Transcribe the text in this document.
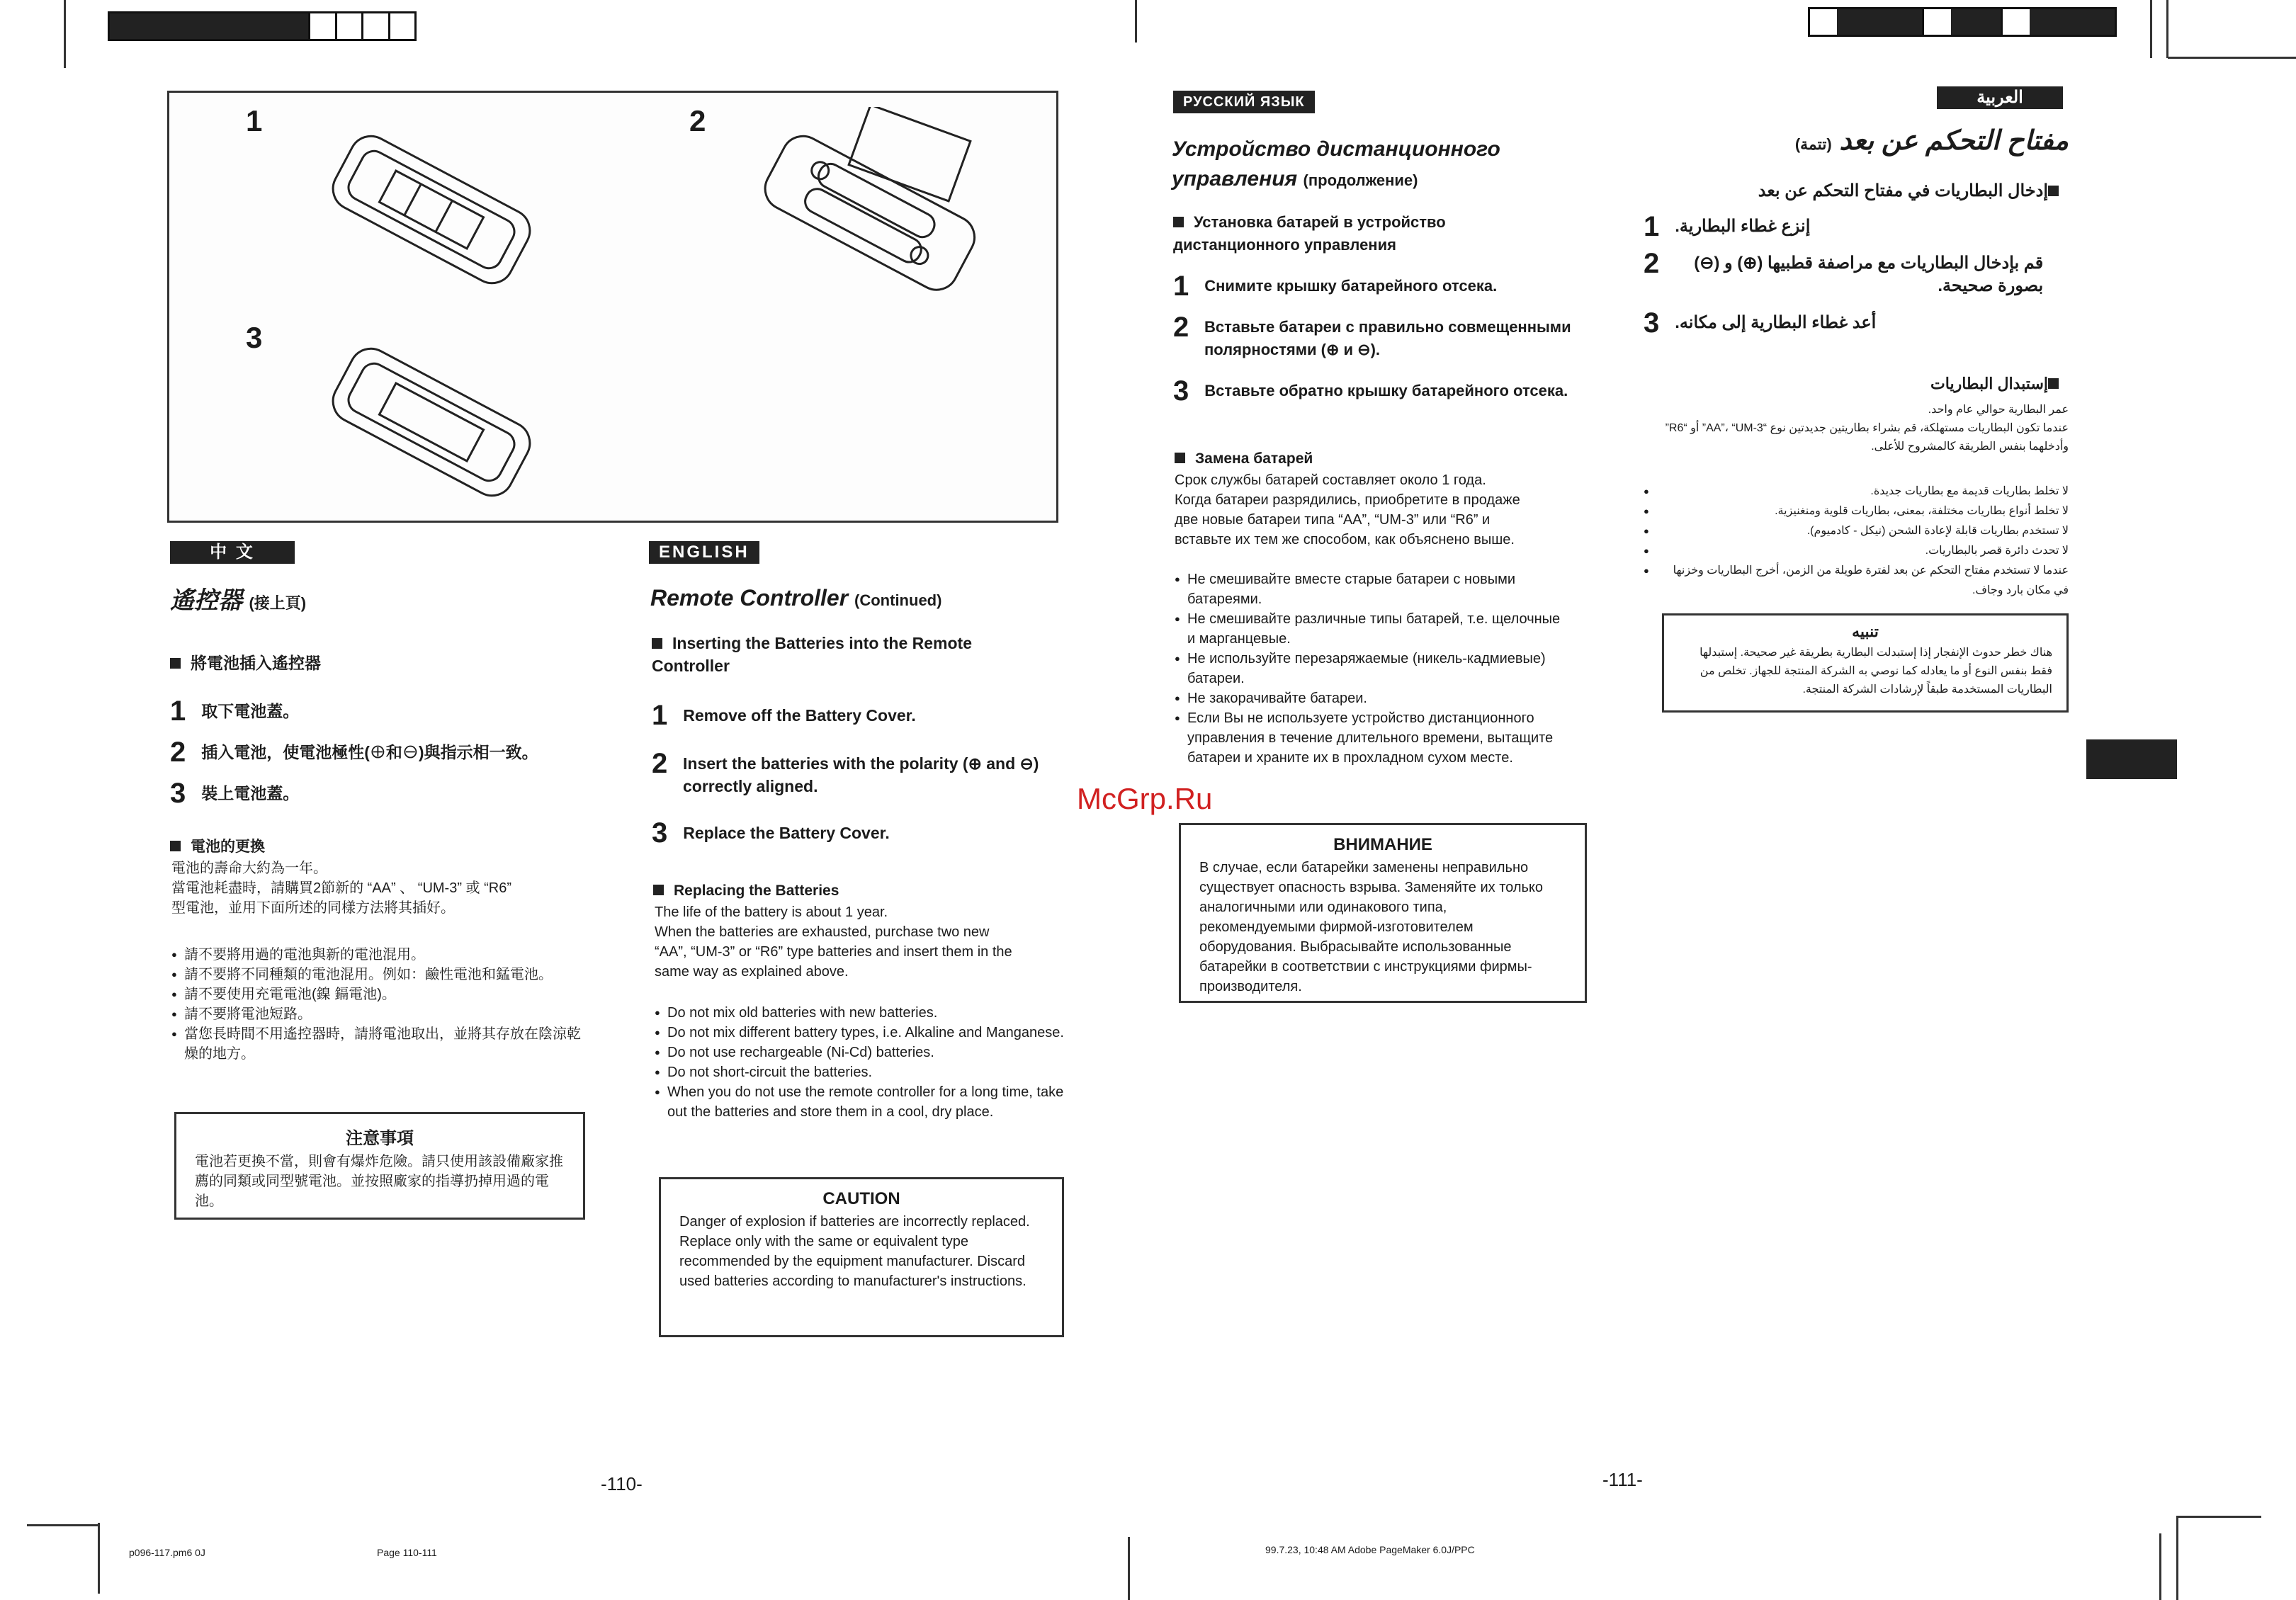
1	2
3
中 文
遙控器 (接上頁)
將電池插入遙控器
1 取下電池蓋。
2 插入電池，使電池極性(⊕和⊖)與指示相一致。
3 裝上電池蓋。
電池的更換
電池的壽命大約為一年。
當電池耗盡時，請購買2節新的 “AA” 、 “UM-3” 或 “R6”
型電池，並用下面所述的同樣方法將其插好。
● 請不要將用過的電池與新的電池混用。
● 請不要將不同種類的電池混用。例如：鹼性電池和錳電池。
● 請不要使用充電電池(鎳 鎘電池)。
● 請不要將電池短路。
● 當您長時間不用遙控器時，請將電池取出，並將其存放在陰涼乾燥的地方。
注意事項
電池若更換不當，則會有爆炸危險。請只使用該設備廠家推薦的同類或同型號電池。並按照廠家的指導扔掉用過的電池。
ENGLISH
Remote Controller (Continued)
Inserting the Batteries into the Remote Controller
1 Remove off the Battery Cover.
2 Insert the batteries with the polarity (⊕ and ⊖) correctly aligned.
3 Replace the Battery Cover.
Replacing the Batteries
The life of the battery is about 1 year.
When the batteries are exhausted, purchase two new
“AA”, “UM-3” or “R6” type batteries and insert them in the
same way as explained above.
● Do not mix old batteries with new batteries.
● Do not mix different battery types, i.e. Alkaline and Manganese.
● Do not use rechargeable (Ni-Cd) batteries.
● Do not short-circuit the batteries.
● When you do not use the remote controller for a long time, take out the batteries and store them in a cool, dry place.
CAUTION
Danger of explosion if batteries are incorrectly replaced. Replace only with the same or equivalent type recommended by the equipment manufacturer. Discard used batteries according to manufacturer's instructions.
РУССКИЙ ЯЗЫК
Устройство дистанционного управления (продолжение)
Установка батарей в устройство дистанционного управления
1 Снимите крышку батарейного отсека.
2 Вставьте батареи с правильно совмещенными полярностями (⊕ и ⊖).
3 Вставьте обратно крышку батарейного отсека.
Замена батарей
Срок службы батарей составляет около 1 года.
Когда батареи разрядились, приобретите в продаже
две новые батареи типа “AA”, “UM-3” или “R6” и
вставьте их тем же способом, как объяснено выше.
● Не смешивайте вместе старые батареи с новыми батареями.
● Не смешивайте различные типы батарей, т.е. щелочные и марганцевые.
● Не используйте перезаряжаемые (никель-кадмиевые) батареи.
● Не закорачивайте батареи.
● Если Вы не используете устройство дистанционного управления в течение длительного времени, вытащите батареи и храните их в прохладном сухом месте.
ВНИМАНИЕ
В случае, если батарейки заменены неправильно существует опасность взрыва. Заменяйте их только аналогичными или одинакового типа, рекомендуемыми фирмой-изготовителем оборудования. Выбрасывайте использованные батарейки в соответствии с инструкциями фирмы-производителя.
العربية
مفتاح التحكم عن بعد (تتمة)
إدخال البطاريات في مفتاح التحكم عن بعد
1 إنزع غطاء البطارية.
2	قم بإدخال البطاريات مع مراصفة قطبيها (⊕) و (⊖) بصورة صحيحة.
3 أعد غطاء البطارية إلى مكانه.
إستبدال البطاريات
عمر البطارية حوالي عام واحد.
عندما تكون البطاريات مستهلكة، قم بشراء بطاريتين جديدتين نوع “AA”، “UM-3” أو “R6” وأدخلهما بنفس الطريقة كالمشروح للأعلى.
● لا تخلط بطاريات قديمة مع بطاريات جديدة.
● لا تخلط أنواع بطاريات مختلفة، بمعنى، بطاريات قلوية ومنغنيزية.
● لا تستخدم بطاريات قابلة لإعادة الشحن (نيكل - كادميوم).
● لا تحدث دائرة قصر بالبطاريات.
● عندما لا تستخدم مفتاح التحكم عن بعد لفترة طويلة من الزمن، أخرج البطاريات وخزنها في مكان بارد وجاف.
تنبيه
هناك خطر حدوث الإنفجار إذا إستبدلت البطارية بطريقة غير صحيحة. إستبدلها فقط بنفس النوع أو ما يعادله كما نوصي به الشركة المنتجة للجهاز. تخلص من البطاريات المستخدمة طبقاً لإرشادات الشركة المنتجة.
McGrp.Ru
-110-	-111-
p096-117.pm6 0J	Page 110-111	99.7.23, 10:48 AM Adobe PageMaker 6.0J/PPC
